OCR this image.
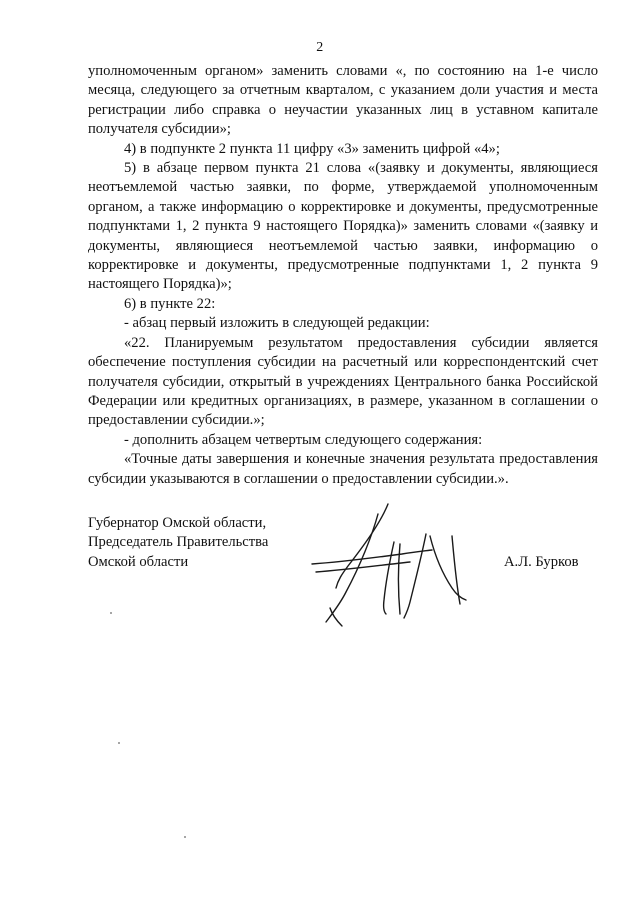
2

уполномоченным органом» заменить словами «, по состоянию на 1-е число месяца, следующего за отчетным кварталом, с указанием доли участия и места регистрации либо справка о неучастии указанных лиц в уставном капитале получателя субсидии»;

4) в подпункте 2 пункта 11 цифру «3» заменить цифрой «4»;

5) в абзаце первом пункта 21 слова «(заявку и документы, являющиеся неотъемлемой частью заявки, по форме, утверждаемой уполномоченным органом, а также информацию о корректировке и документы, предусмотренные подпунктами 1, 2 пункта 9 настоящего Порядка)» заменить словами «(заявку и документы, являющиеся неотъемлемой частью заявки, информацию о корректировке и документы, предусмотренные подпунктами 1, 2 пункта 9 настоящего Порядка)»;

6) в пункте 22:

- абзац первый изложить в следующей редакции:

«22. Планируемым результатом предоставления субсидии является обеспечение поступления субсидии на расчетный или корреспондентский счет получателя субсидии, открытый в учреждениях Центрального банка Российской Федерации или кредитных организациях, в размере, указанном в соглашении о предоставлении субсидии.»;

- дополнить абзацем четвертым следующего содержания:

«Точные даты завершения и конечные значения результата предоставления субсидии указываются в соглашении о предоставлении субсидии.».

Губернатор Омской области,
Председатель Правительства
Омской области	А.Л. Бурков
